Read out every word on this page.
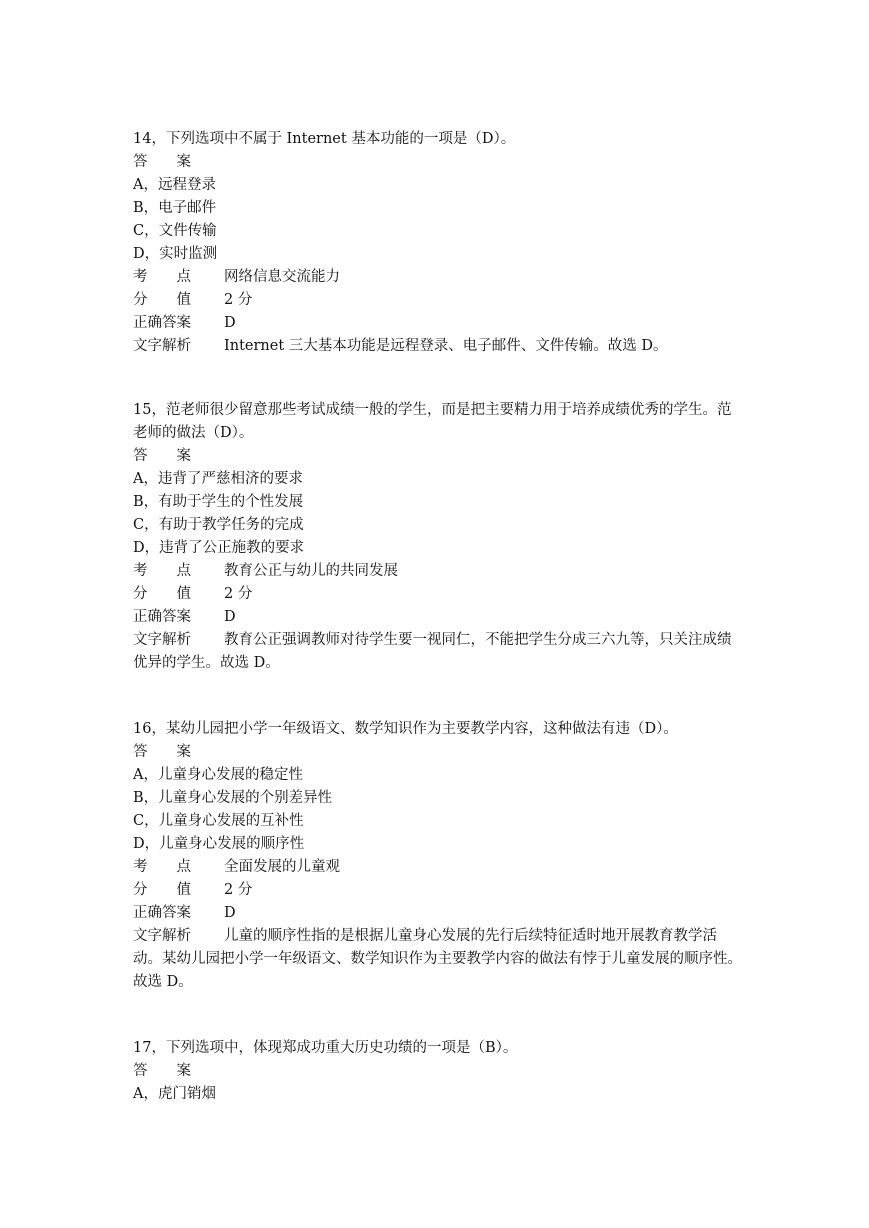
14，下列选项中不属于 Internet 基本功能的一项是（D）。
答　　案
A，远程登录
B，电子邮件
C，文件传输
D，实时监测
考　　点	网络信息交流能力
分　　值	2 分
正确答案	D
文字解析 Internet 三大基本功能是远程登录、电子邮件、文件传输。故选 D。
15，范老师很少留意那些考试成绩一般的学生，而是把主要精力用于培养成绩优秀的学生。范老师的做法（D）。
答　　案
A，违背了严慈相济的要求
B，有助于学生的个性发展
C，有助于教学任务的完成
D，违背了公正施教的要求
考　　点	教育公正与幼儿的共同发展
分　　值	2 分
正确答案	D
文字解析 教育公正强调教师对待学生要一视同仁，不能把学生分成三六九等，只关注成绩优异的学生。故选 D。
16，某幼儿园把小学一年级语文、数学知识作为主要教学内容，这种做法有违（D）。
答　　案
A，儿童身心发展的稳定性
B，儿童身心发展的个别差异性
C，儿童身心发展的互补性
D，儿童身心发展的顺序性
考　　点	全面发展的儿童观
分　　值	2 分
正确答案	D
文字解析 儿童的顺序性指的是根据儿童身心发展的先行后续特征适时地开展教育教学活动。某幼儿园把小学一年级语文、数学知识作为主要教学内容的做法有悖于儿童发展的顺序性。故选 D。
17，下列选项中，体现郑成功重大历史功绩的一项是（B）。
答　　案
A，虎门销烟
